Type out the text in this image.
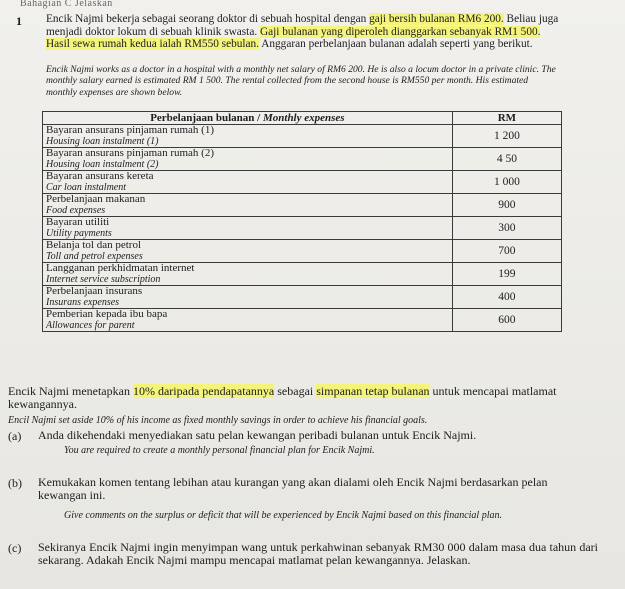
Bahagian C Jelaskan
1 Encik Najmi bekerja sebagai seorang doktor di sebuah hospital dengan gaji bersih bulanan RM6 200. Beliau juga menjadi doktor lokum di sebuah klinik swasta. Gaji bulanan yang diperoleh dianggarkan sebanyak RM1 500. Hasil sewa rumah kedua ialah RM550 sebulan. Anggaran perbelanjaan bulanan adalah seperti yang berikut.
Encik Najmi works as a doctor in a hospital with a monthly net salary of RM6 200. He is also a locum doctor in a private clinic. The monthly salary earned is estimated RM 1 500. The rental collected from the second house is RM550 per month. His estimated monthly expenses are shown below.
Perbelanjaan bulanan / Monthly expenses	RM

Bayaran ansurans pinjaman rumah (1)
Housing loan instalment (1)	1 200

Bayaran ansurans pinjaman rumah (2)
Housing loan instalment (2)	4 50

Bayaran ansurans kereta
Car loan instalment	1 000

Perbelanjaan makanan
Food expenses	900

Bayaran utiliti
Utility payments	300

Belanja tol dan petrol
Toll and petrol expenses	700

Langganan perkhidmatan internet
Internet service subscription	199

Perbelanjaan insurans
Insurans expenses	400

Pemberian kepada ibu bapa
Allowances for parent	600
Encik Najmi menetapkan 10% daripada pendapatannya sebagai simpanan tetap bulanan untuk mencapai matlamat kewangannya.
Encil Najmi set aside 10% of his income as fixed monthly savings in order to achieve his financial goals.
(a) Anda dikehendaki menyediakan satu pelan kewangan peribadi bulanan untuk Encik Najmi.
You are required to create a monthly personal financial plan for Encik Najmi.
(b) Kemukakan komen tentang lebihan atau kurangan yang akan dialami oleh Encik Najmi berdasarkan pelan kewangan ini.
Give comments on the surplus or deficit that will be experienced by Encik Najmi based on this financial plan.
(c) Sekiranya Encik Najmi ingin menyimpan wang untuk perkahwinan sebanyak RM30 000 dalam masa dua tahun dari sekarang. Adakah Encik Najmi mampu mencapai matlamat pelan kewangannya. Jelaskan.
